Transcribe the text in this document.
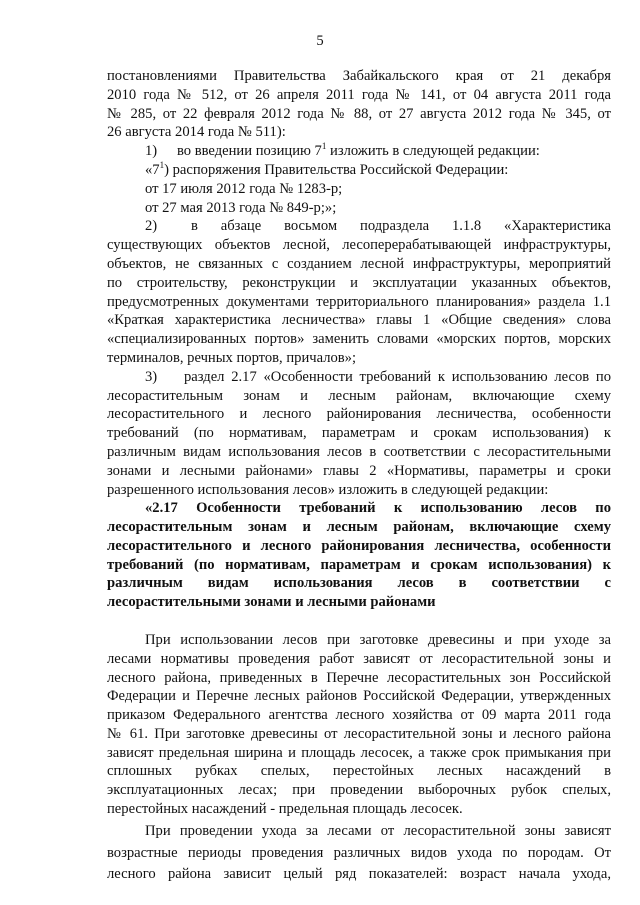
5
постановлениями Правительства Забайкальского края от 21 декабря
2010 года № 512, от 26 апреля 2011 года № 141, от 04 августа 2011 года
№ 285, от 22 февраля 2012 года № 88, от 27 августа 2012 года № 345, от
26 августа 2014 года № 511):
1) во введении позицию $7^1$ изложить в следующей редакции:
«$7^1$) распоряжения Правительства Российской Федерации:
от 17 июля 2012 года № 1283-р;
от 27 мая 2013 года № 849-р;»;
2) в абзаце восьмом подраздела 1.1.8 «Характеристика
существующих объектов лесной, лесоперерабатывающей инфраструктуры,
объектов, не связанных с созданием лесной инфраструктуры, мероприятий
по строительству, реконструкции и эксплуатации указанных объектов,
предусмотренных документами территориального планирования» раздела 1.1
«Краткая характеристика лесничества» главы 1 «Общие сведения» слова
«специализированных портов» заменить словами «морских портов, морских
терминалов, речных портов, причалов»;
3) раздел 2.17 «Особенности требований к использованию лесов по
лесорастительным зонам и лесным районам, включающие схему
лесорастительного и лесного районирования лесничества, особенности
требований (по нормативам, параметрам и срокам использования) к
различным видам использования лесов в соответствии с лесорастительными
зонами и лесными районами» главы 2 «Нормативы, параметры и сроки
разрешенного использования лесов» изложить в следующей редакции:
«2.17 Особенности требований к использованию лесов по
лесорастительным зонам и лесным районам, включающие схему
лесорастительного и лесного районирования лесничества, особенности
требований (по нормативам, параметрам и срокам использования) к
различным видам использования лесов в соответствии с
лесорастительными зонами и лесными районами
При использовании лесов при заготовке древесины и при уходе за
лесами нормативы проведения работ зависят от лесорастительной зоны и
лесного района, приведенных в Перечне лесорастительных зон Российской
Федерации и Перечне лесных районов Российской Федерации, утвержденных
приказом Федерального агентства лесного хозяйства от 09 марта 2011 года
№ 61. При заготовке древесины от лесорастительной зоны и лесного района
зависят предельная ширина и площадь лесосек, а также срок примыкания при
сплошных рубках спелых, перестойных лесных насаждений в
эксплуатационных лесах; при проведении выборочных рубок спелых,
перестойных насаждений - предельная площадь лесосек.
При проведении ухода за лесами от лесорастительной зоны зависят
возрастные периоды проведения различных видов ухода по породам. От
лесного района зависит целый ряд показателей: возраст начала ухода,
